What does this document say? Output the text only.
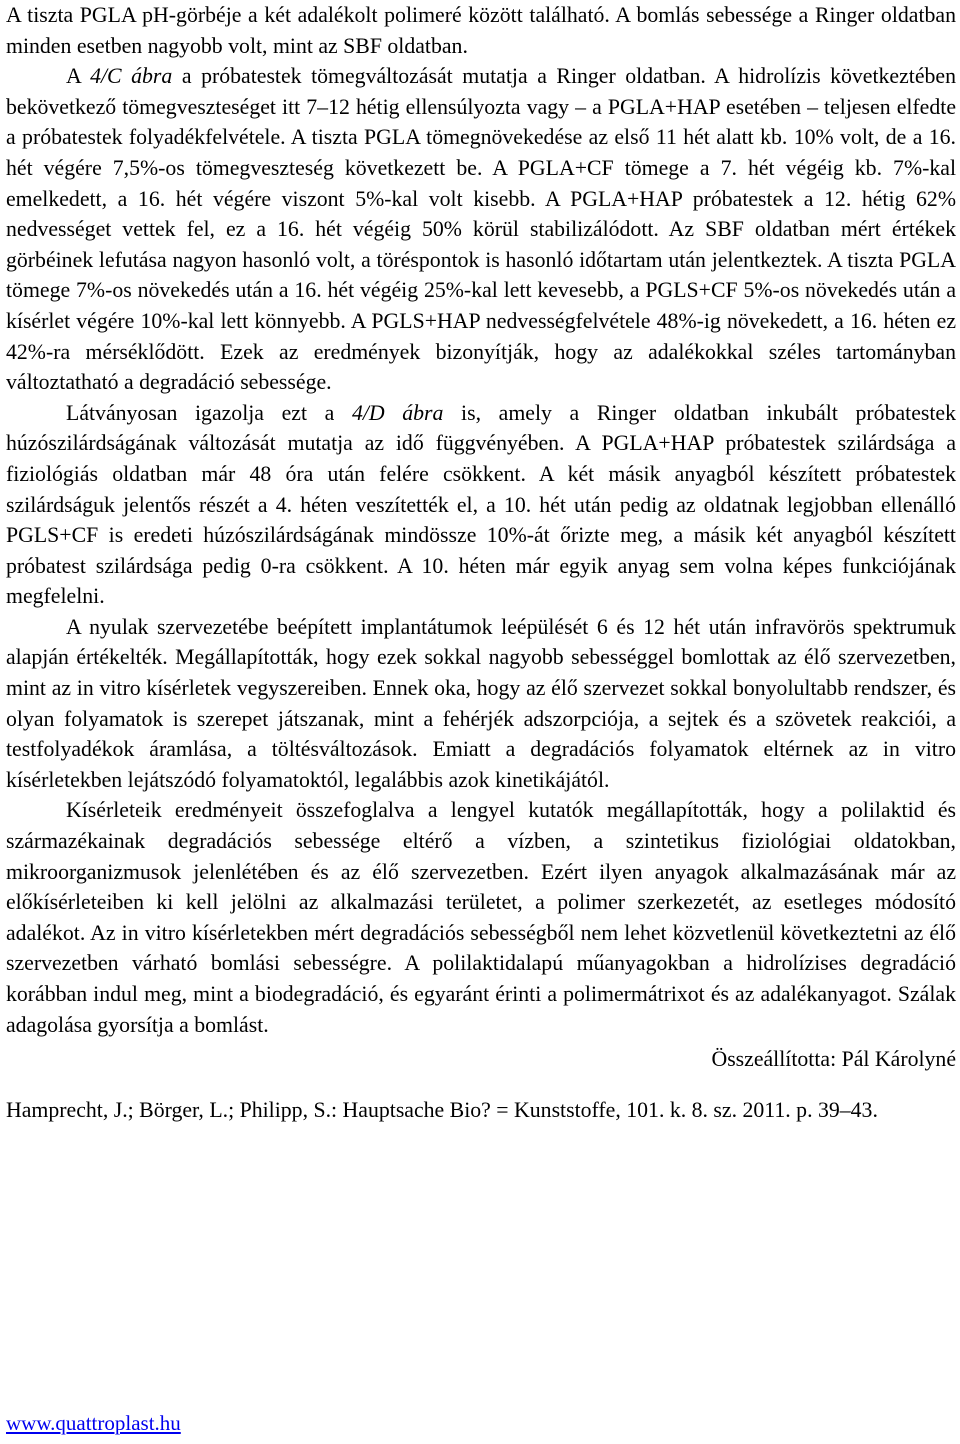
A tiszta PGLA pH-görbéje a két adalékolt polimeré között található. A bomlás sebessége a Ringer oldatban minden esetben nagyobb volt, mint az SBF oldatban.

A 4/C ábra a próbatestek tömegváltozását mutatja a Ringer oldatban. A hidrolízis következtében bekövetkező tömegveszteséget itt 7–12 hétig ellensúlyozta vagy – a PGLA+HAP esetében – teljesen elfedte a próbatestek folyadékfelvétele. A tiszta PGLA tömegnövekedése az első 11 hét alatt kb. 10% volt, de a 16. hét végére 7,5%-os tömegveszteség következett be. A PGLA+CF tömege a 7. hét végéig kb. 7%-kal emelkedett, a 16. hét végére viszont 5%-kal volt kisebb. A PGLA+HAP próbatestek a 12. hétig 62% nedvességet vettek fel, ez a 16. hét végéig 50% körül stabilizálódott. Az SBF oldatban mért értékek görbéinek lefutása nagyon hasonló volt, a töréspontok is hasonló időtartam után jelentkeztek. A tiszta PGLA tömege 7%-os növekedés után a 16. hét végéig 25%-kal lett kevesebb, a PGLS+CF 5%-os növekedés után a kísérlet végére 10%-kal lett könnyebb. A PGLS+HAP nedvességfelvétele 48%-ig növekedett, a 16. héten ez 42%-ra mérséklődött. Ezek az eredmények bizonyítják, hogy az adalékokkal széles tartományban változtatható a degradáció sebessége.

Látványosan igazolja ezt a 4/D ábra is, amely a Ringer oldatban inkubált próbatestek húzószilárdságának változását mutatja az idő függvényében. A PGLA+HAP próbatestek szilárdsága a fiziológiás oldatban már 48 óra után felére csökkent. A két másik anyagból készített próbatestek szilárdságuk jelentős részét a 4. héten veszítették el, a 10. hét után pedig az oldatnak legjobban ellenálló PGLS+CF is eredeti húzószilárdságának mindössze 10%-át őrizte meg, a másik két anyagból készített próbatest szilárdsága pedig 0-ra csökkent. A 10. héten már egyik anyag sem volna képes funkciójának megfelelni.

A nyulak szervezetébe beépített implantátumok leépülését 6 és 12 hét után infravörös spektrumuk alapján értékelték. Megállapították, hogy ezek sokkal nagyobb sebességgel bomlottak az élő szervezetben, mint az in vitro kísérletek vegyszereiben. Ennek oka, hogy az élő szervezet sokkal bonyolultabb rendszer, és olyan folyamatok is szerepet játszanak, mint a fehérjék adszorpciója, a sejtek és a szövetek reakciói, a testfolyadékok áramlása, a töltésváltozások. Emiatt a degradációs folyamatok eltérnek az in vitro kísérletekben lejátszódó folyamatoktól, legalábbis azok kinetikájától.

Kísérleteik eredményeit összefoglalva a lengyel kutatók megállapították, hogy a polilaktid és származékainak degradációs sebessége eltérő a vízben, a szintetikus fiziológiai oldatokban, mikroorganizmusok jelenlétében és az élő szervezetben. Ezért ilyen anyagok alkalmazásának már az előkísérleteiben ki kell jelölni az alkalmazási területet, a polimer szerkezetét, az esetleges módosító adalékot. Az in vitro kísérletekben mért degradációs sebességből nem lehet közvetlenül következtetni az élő szervezetben várható bomlási sebességre. A polilaktidalapú műanyagokban a hidrolízises degradáció korábban indul meg, mint a biodegradáció, és egyaránt érinti a polimermátrixot és az adalékanyagot. Szálak adagolása gyorsítja a bomlást.

Összeállította: Pál Károlyné

Hamprecht, J.; Börger, L.; Philipp, S.: Hauptsache Bio? = Kunststoffe, 101. k. 8. sz. 2011. p. 39–43.

www.quattroplast.hu
